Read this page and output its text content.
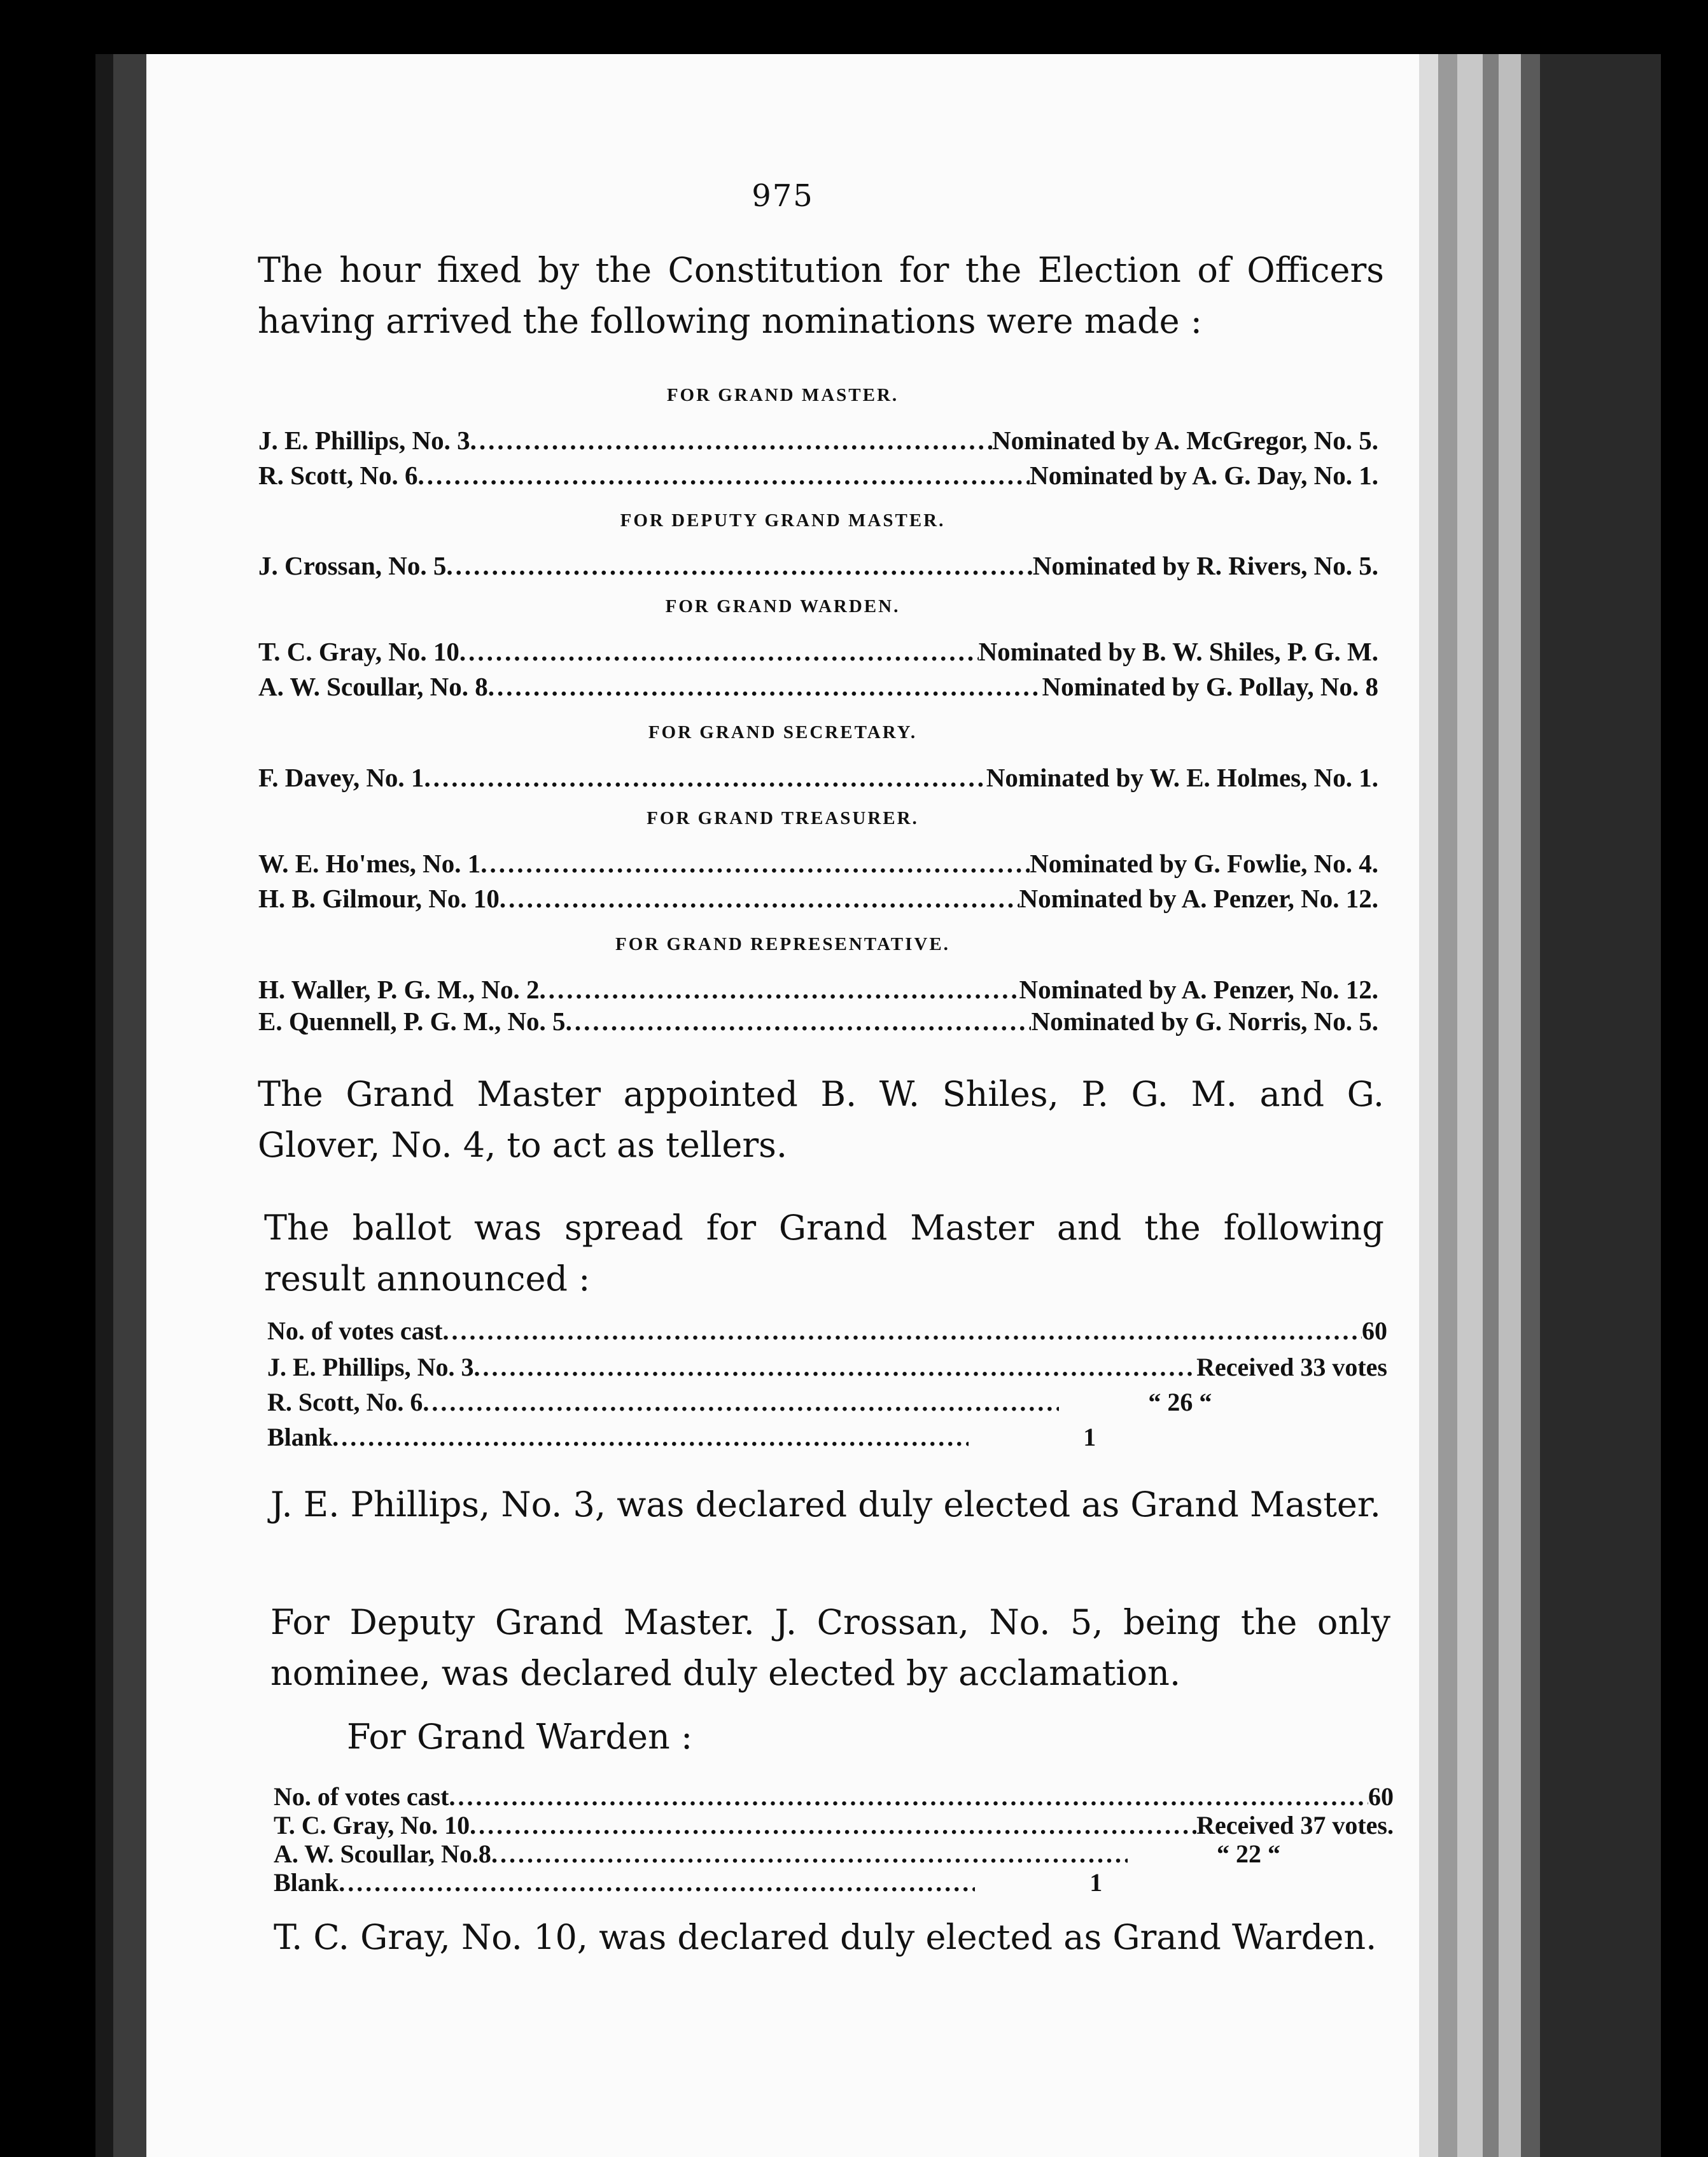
975
The hour fixed by the Constitution for the Election of Officers having arrived the following nominations were made :
FOR GRAND MASTER.
J. E. Phillips, No. 3 .....	Nominated by A. McGregor, No. 5.
R. Scott, No. 6 .....	Nominated by A. G. Day, No. 1.
FOR DEPUTY GRAND MASTER.
J. Crossan, No. 5 .....	Nominated by R. Rivers, No. 5.
FOR GRAND WARDEN.
T. C. Gray, No. 10 .....	Nominated by B. W. Shiles, P. G. M.
A. W. Scoullar, No. 8 .....	Nominated by G. Pollay, No. 8
FOR GRAND SECRETARY.
F. Davey, No. 1 .....	Nominated by W. E. Holmes, No. 1.
FOR GRAND TREASURER.
W. E. Ho'mes, No. 1 .....	Nominated by G. Fowlie, No. 4.
H. B. Gilmour, No. 10 .....	Nominated by A. Penzer, No. 12.
FOR GRAND REPRESENTATIVE.
H. Waller, P. G. M., No. 2 .....	Nominated by A. Penzer, No. 12.
E. Quennell, P. G. M., No. 5 .....	Nominated by G. Norris, No. 5.
The Grand Master appointed B. W. Shiles, P. G. M. and G. Glover, No. 4, to act as tellers.
The ballot was spread for Grand Master and the following result announced :
No. of votes cast .....	60
J. E. Phillips, No. 3 .....	Received 33 votes
R. Scott, No. 6 .....	“ 26 “
Blank .....	1
J. E. Phillips, No. 3, was declared duly elected as Grand Master.
For Deputy Grand Master. J. Crossan, No. 5, being the only nominee, was declared duly elected by acclamation.
For Grand Warden :
No. of votes cast .....	60
T. C. Gray, No. 10 .....	Received 37 votes.
A. W. Scoullar, No.8 .....	“ 22 “
Blank .....	1
T. C. Gray, No. 10, was declared duly elected as Grand Warden.
